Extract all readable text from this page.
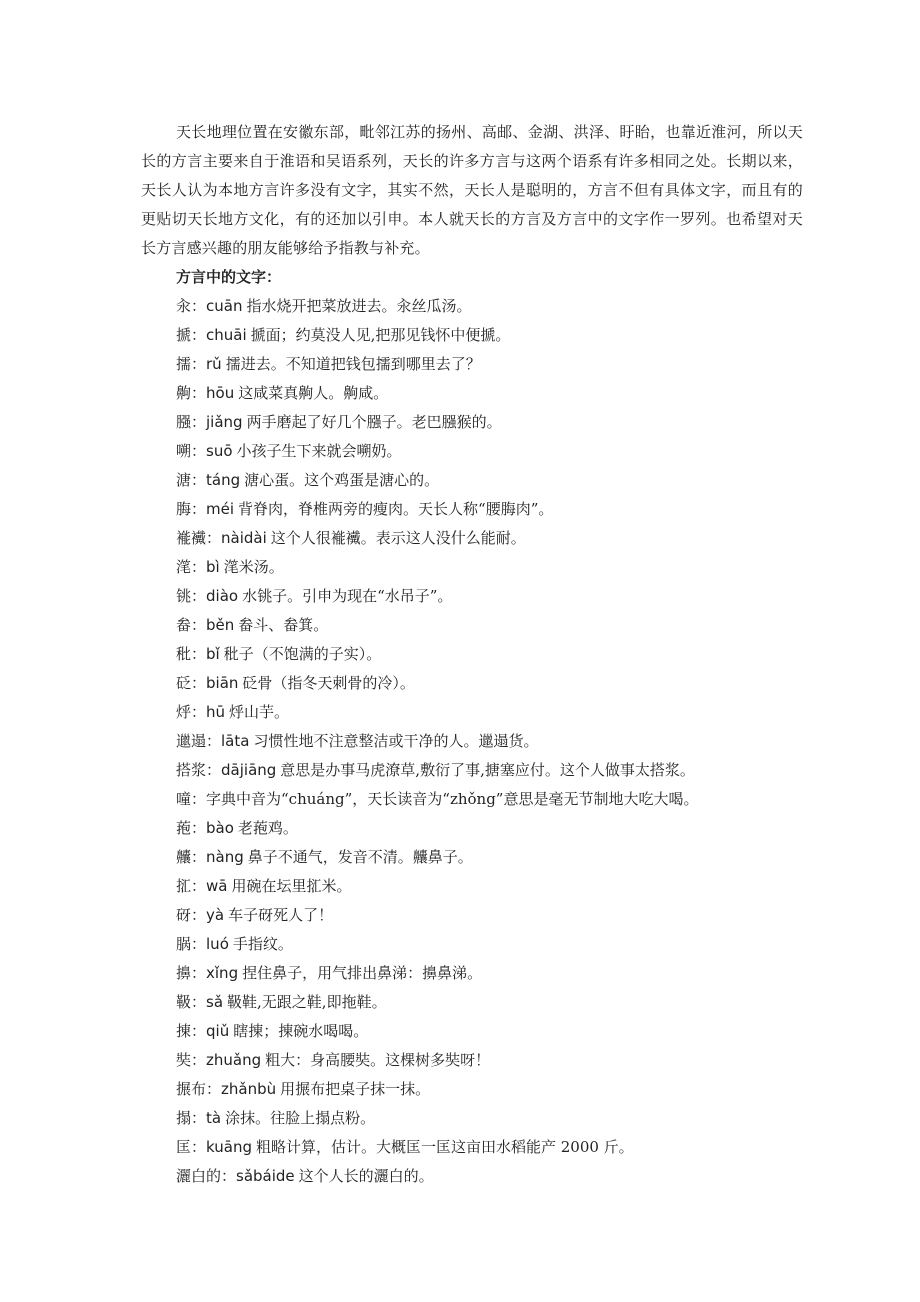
天长地理位置在安徽东部，毗邻江苏的扬州、高邮、金湖、洪泽、盱眙，也靠近淮河，所以天长的方言主要来自于淮语和吴语系列，天长的许多方言与这两个语系有许多相同之处。长期以来，天长人认为本地方言许多没有文字，其实不然，天长人是聪明的，方言不但有具体文字，而且有的更贴切天长地方文化，有的还加以引申。本人就天长的方言及方言中的文字作一罗列。也希望对天长方言感兴趣的朋友能够给予指教与补充。

方言中的文字：

汆：cuān 指水烧开把菜放进去。汆丝瓜汤。
搋：chuāi 搋面；约莫没人见,把那见钱怀中便搋。
擩：rǔ 擩进去。不知道把钱包擩到哪里去了？
齁：hōu 这咸菜真齁人。齁咸。
膙：jiǎng 两手磨起了好几个膙子。老巴膙猴的。
嗍：suō 小孩子生下来就会嗍奶。
溏：táng 溏心蛋。这个鸡蛋是溏心的。
脢：méi 背脊肉，脊椎两旁的瘦肉。天长人称“腰脢肉”。
褦襶：nàidài 这个人很褦襶。表示这人没什么能耐。
滗：bì 滗米汤。
铫：diào 水铫子。引申为现在“水吊子”。
畚：běn 畚斗、畚箕。
秕：bǐ 秕子（不饱满的子实）。
砭：biān 砭骨（指冬天刺骨的冷）。
烀：hū 烀山芋。
邋遢：lāta 习惯性地不注意整洁或干净的人。邋遢货。
搭浆：dājiāng 意思是办事马虎潦草,敷衍了事,搪塞应付。这个人做事太搭浆。
噇：字典中音为“chuáng”，天长读音为“zhǒng”意思是毫无节制地大吃大喝。
菢：bào 老菢鸡。
齉：nàng 鼻子不通气，发音不清。齉鼻子。
㧟：wā 用碗在坛里㧟米。
砑：yà 车子砑死人了！
脶：luó 手指纹。
擤：xǐng 捏住鼻子，用气排出鼻涕：擤鼻涕。
靸：sǎ 靸鞋,无跟之鞋,即拖鞋。
㨂：qiǔ 瞎㨂；㨂碗水喝喝。
奘：zhuǎng 粗大：身高腰奘。这棵树多奘呀！
搌布：zhǎnbù 用搌布把桌子抹一抹。
搨：tà 涂抹。往脸上搨点粉。
匡：kuāng 粗略计算，估计。大概匡一匡这亩田水稻能产 2000 斤。
灑白的：sǎbáide 这个人长的灑白的。
